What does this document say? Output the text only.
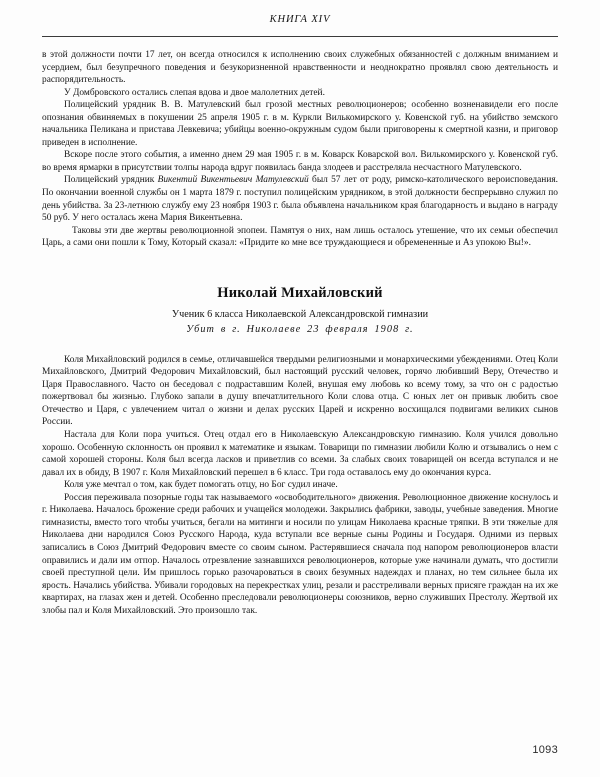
КНИГА XIV

в этой должности почти 17 лет, он всегда относился к исполнению своих служебных обязанностей с должным вниманием и усердием, был безупречного поведения и безукоризненной нравственности и неоднократно проявлял свою деятельность и распорядительность.

У Домбровского остались слепая вдова и двое малолетних детей.

Полицейский урядник В. В. Матулевский был грозой местных революционеров; особенно возненавидели его после опознания обвиняемых в покушении 25 апреля 1905 г. в м. Куркли Вилькомирского у. Ковенской губ. на убийство земского начальника Пеликана и пристава Левкевича; убийцы военно-окружным судом были приговорены к смертной казни, и приговор приведен в исполнение.

Вскоре после этого события, а именно днем 29 мая 1905 г. в м. Коварск Коварской вол. Вилькомирского у. Ковенской губ. во время ярмарки в присутствии толпы народа вдруг появилась банда злодеев и расстреляла несчастного Матулевского.

Полицейский урядник Викентий Викентьевич Матулевский был 57 лет от роду, римско-католического вероисповедания. По окончании военной службы он 1 марта 1879 г. поступил полицейским урядником, в этой должности беспрерывно служил по день убийства. За 23-летнюю службу ему 23 ноября 1903 г. была объявлена начальником края благодарность и выдано в награду 50 руб. У него осталась жена Мария Викентьевна.

Таковы эти две жертвы революционной эпопеи. Памятуя о них, нам лишь осталось утешение, что их семьи обеспечил Царь, а сами они пошли к Тому, Который сказал: «Придите ко мне все труждающиеся и обремененные и Аз упокою Вы!».

Николай Михайловский

Ученик 6 класса Николаевской Александровской гимназии

Убит в г. Николаеве 23 февраля 1908 г.

Коля Михайловский родился в семье, отличавшейся твердыми религиозными и монархическими убеждениями. Отец Коли Михайловского, Дмитрий Федорович Михайловский, был настоящий русский человек, горячо любивший Веру, Отечество и Царя Православного. Часто он беседовал с подраставшим Колей, внушая ему любовь ко всему тому, за что он с радостью пожертвовал бы жизнью. Глубоко запали в душу впечатлительного Коли слова отца. С юных лет он привык любить свое Отечество и Царя, с увлечением читал о жизни и делах русских Царей и искренно восхищался подвигами великих сынов России.

Настала для Коли пора учиться. Отец отдал его в Николаевскую Александровскую гимназию. Коля учился довольно хорошо. Особенную склонность он проявил к математике и языкам. Товарищи по гимназии любили Колю и отзывались о нем с самой хорошей стороны. Коля был всегда ласков и приветлив со всеми. За слабых своих товарищей он всегда вступался и не давал их в обиду, В 1907 г. Коля Михайловский перешел в 6 класс. Три года оставалось ему до окончания курса.

Коля уже мечтал о том, как будет помогать отцу, но Бог судил иначе.

Россия переживала позорные годы так называемого «освободительного» движения. Революционное движение коснулось и г. Николаева. Началось брожение среди рабочих и учащейся молодежи. Закрылись фабрики, заводы, учебные заведения. Многие гимназисты, вместо того чтобы учиться, бегали на митинги и носили по улицам Николаева красные тряпки. В эти тяжелые для Николаева дни народился Союз Русского Народа, куда вступали все верные сыны Родины и Государя. Одними из первых записались в Союз Дмитрий Федорович вместе со своим сыном. Растерявшиеся сначала под напором революционеров власти оправились и дали им отпор. Началось отрезвление зазнавшихся революционеров, которые уже начинали думать, что достигли своей преступной цели. Им пришлось горько разочароваться в своих безумных надеждах и планах, но тем сильнее была их ярость. Начались убийства. Убивали городовых на перекрестках улиц, резали и расстреливали верных присяге граждан на их же квартирах, на глазах жен и детей. Особенно преследовали революционеры союзников, верно служивших Престолу. Жертвой их злобы пал и Коля Михайловский. Это произошло так.

1093
